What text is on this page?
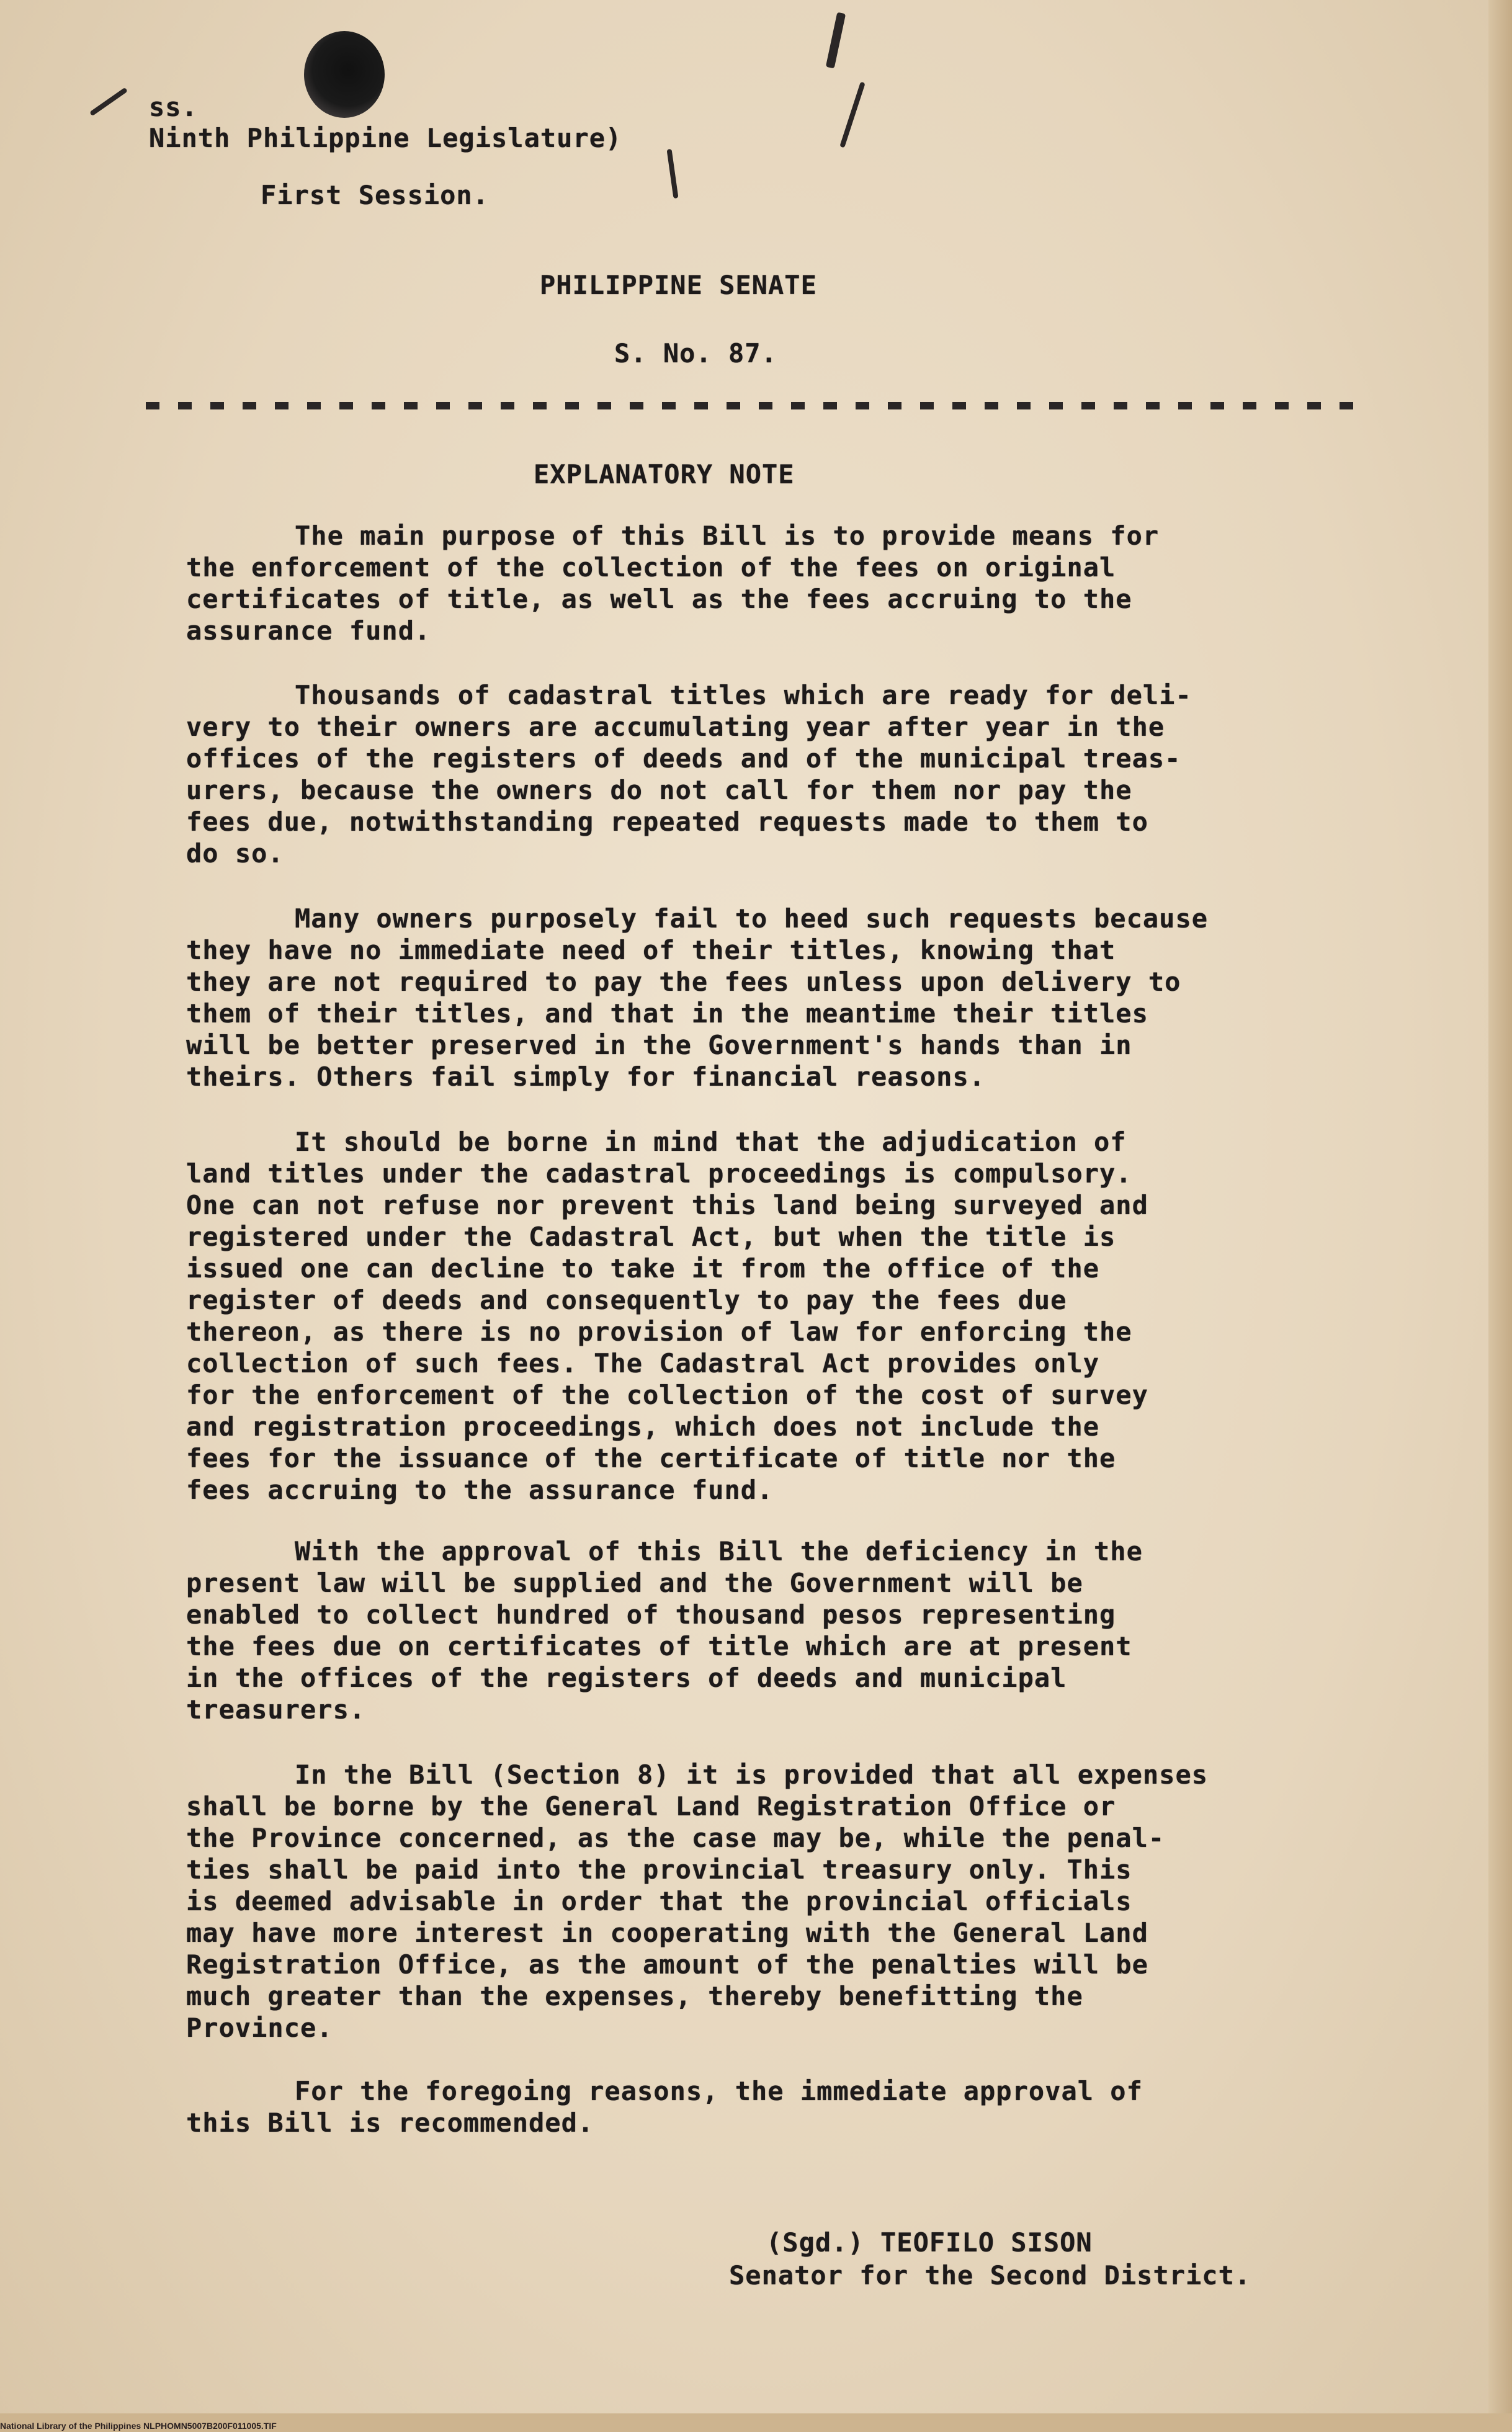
ss.
Ninth Philippine Legislature)

First Session.

PHILIPPINE SENATE

S. No. 87.

EXPLANATORY NOTE

The main purpose of this Bill is to provide means for

the enforcement of the collection of the fees on original

certificates of title, as well as the fees accruing to the

assurance fund.

Thousands of cadastral titles which are ready for deli-

very to their owners are accumulating year after year in the

offices of the registers of deeds and of the municipal treas-

urers, because the owners do not call for them nor pay the

fees due, notwithstanding repeated requests made to them to

do so.

Many owners purposely fail to heed such requests because

they have no immediate need of their titles, knowing that

they are not required to pay the fees unless upon delivery to

them of their titles, and that in the meantime their titles

will be better preserved in the Government's hands than in

theirs. Others fail simply for financial reasons.

It should be borne in mind that the adjudication of

land titles under the cadastral proceedings is compulsory.

One can not refuse nor prevent this land being surveyed and

registered under the Cadastral Act, but when the title is

issued one can decline to take it from the office of the

register of deeds and consequently to pay the fees due

thereon, as there is no provision of law for enforcing the

collection of such fees. The Cadastral Act provides only

for the enforcement of the collection of the cost of survey

and registration proceedings, which does not include the

fees for the issuance of the certificate of title nor the

fees accruing to the assurance fund.

With the approval of this Bill the deficiency in the

present law will be supplied and the Government will be

enabled to collect hundred of thousand pesos representing

the fees due on certificates of title which are at present

in the offices of the registers of deeds and municipal

treasurers.

In the Bill (Section 8) it is provided that all expenses

shall be borne by the General Land Registration Office or

the Province concerned, as the case may be, while the penal-

ties shall be paid into the provincial treasury only. This

is deemed advisable in order that the provincial officials

may have more interest in cooperating with the General Land

Registration Office, as the amount of the penalties will be

much greater than the expenses, thereby benefitting the

Province.

For the foregoing reasons, the immediate approval of

this Bill is recommended.

(Sgd.) TEOFILO SISON

Senator for the Second District.

National Library of the Philippines NLPHOMN5007B200F011005.TIF
